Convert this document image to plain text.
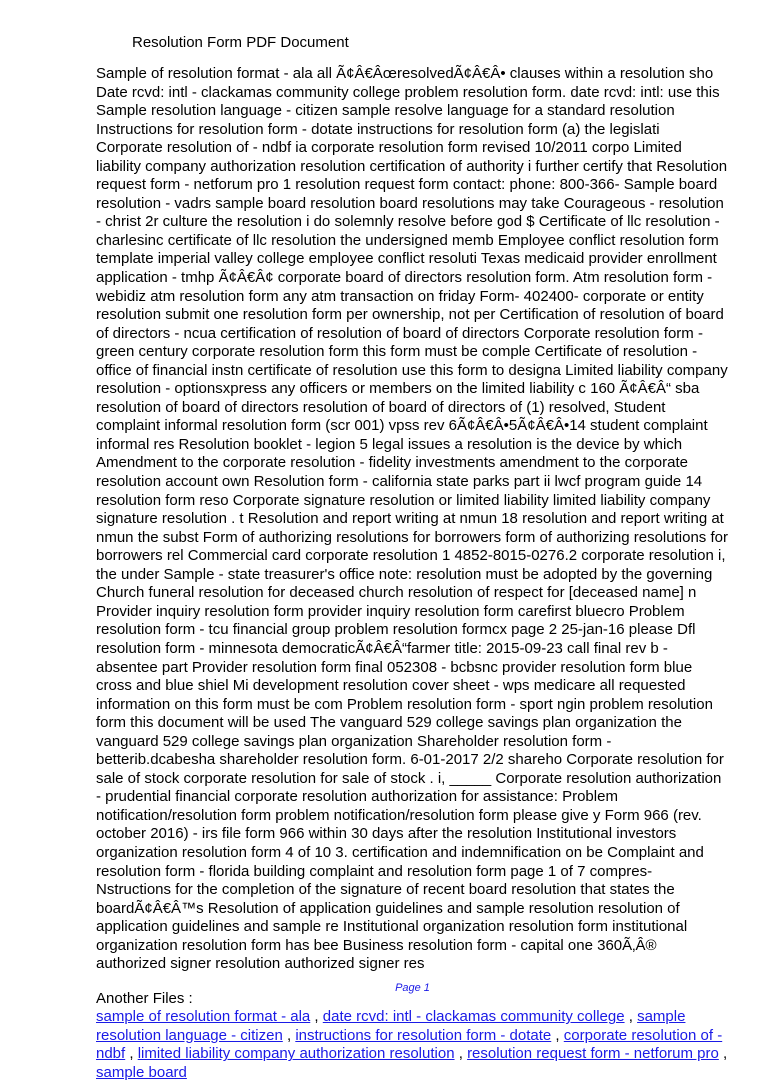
Resolution Form PDF Document

Sample of resolution format - ala all Ã¢Â€ÂœresolvedÃ¢Â€Â• clauses within a resolution sho Date rcvd: intl - clackamas community college problem resolution form. date rcvd: intl: use this Sample resolution language - citizen sample resolve language for a standard resolution Instructions for resolution form - dotate instructions for resolution form (a) the legislati Corporate resolution of - ndbf ia corporate resolution form revised 10/2011 corpo Limited liability company authorization resolution certification of authority i further certify that Resolution request form - netforum pro 1 resolution request form contact: phone: 800-366- Sample board resolution - vadrs sample board resolution board resolutions may take Courageous - resolution - christ 2r culture the resolution i do solemnly resolve before god $ Certificate of llc resolution - charlesinc certificate of llc resolution the undersigned memb Employee conflict resolution form template imperial valley college employee conflict resoluti Texas medicaid provider enrollment application - tmhp Ã¢Â€Â¢ corporate board of directors resolution form. Atm resolution form - webidiz atm resolution form any atm transaction on friday Form- 402400- corporate or entity resolution submit one resolution form per ownership, not per Certification of resolution of board of directors - ncua certification of resolution of board of directors Corporate resolution form - green century corporate resolution form this form must be comple Certificate of resolution - office of financial instn certificate of resolution use this form to designa Limited liability company resolution - optionsxpress any officers or members on the limited liability c 160 Ã¢Â€Â“ sba resolution of board of directors resolution of board of directors of (1) resolved, Student complaint informal resolution form (scr 001) vpss rev 6Ã¢Â€Â•5Ã¢Â€Â•14 student complaint informal res Resolution booklet - legion 5 legal issues a resolution is the device by which Amendment to the corporate resolution - fidelity investments amendment to the corporate resolution account own Resolution form - california state parks part ii lwcf program guide 14 resolution form reso Corporate signature resolution or limited liability limited liability company signature resolution . t Resolution and report writing at nmun 18 resolution and report writing at nmun the subst Form of authorizing resolutions for borrowers form of authorizing resolutions for borrowers rel Commercial card corporate resolution 1 4852-8015-0276.2 corporate resolution i, the under Sample - state treasurer's office note: resolution must be adopted by the governing Church funeral resolution for deceased church resolution of respect for [deceased name] n Provider inquiry resolution form provider inquiry resolution form carefirst bluecro Problem resolution form - tcu financial group problem resolution formcx page 2 25-jan-16 please Dfl resolution form - minnesota democraticÃ¢Â€Â“farmer title: 2015-09-23 call final rev b - absentee part Provider resolution form final 052308 - bcbsnc provider resolution form blue cross and blue shiel Mi development resolution cover sheet - wps medicare all requested information on this form must be com Problem resolution form - sport ngin problem resolution form this document will be used The vanguard 529 college savings plan organization the vanguard 529 college savings plan organization Shareholder resolution form - betterib.dcabesha shareholder resolution form. 6-01-2017 2/2 shareho Corporate resolution for sale of stock corporate resolution for sale of stock . i, _____ Corporate resolution authorization - prudential financial corporate resolution authorization for assistance: Problem notification/resolution form problem notification/resolution form please give y Form 966 (rev. october 2016) - irs file form 966 within 30 days after the resolution Institutional investors organization resolution form 4 of 10 3. certification and indemnification on be Complaint and resolution form - florida building complaint and resolution form page 1 of 7 compres- Nstructions for the completion of the signature of recent board resolution that states the boardÃ¢Â€Â™s Resolution of application guidelines and sample resolution resolution of application guidelines and sample re Institutional organization resolution form institutional organization resolution form has bee Business resolution form - capital one 360Ã‚Â® authorized signer resolution authorized signer res

Another Files :

sample of resolution format - ala , date rcvd: intl - clackamas community college , sample resolution language - citizen , instructions for resolution form - dotate , corporate resolution of - ndbf , limited liability company authorization resolution , resolution request form - netforum pro , sample board

Page 1
